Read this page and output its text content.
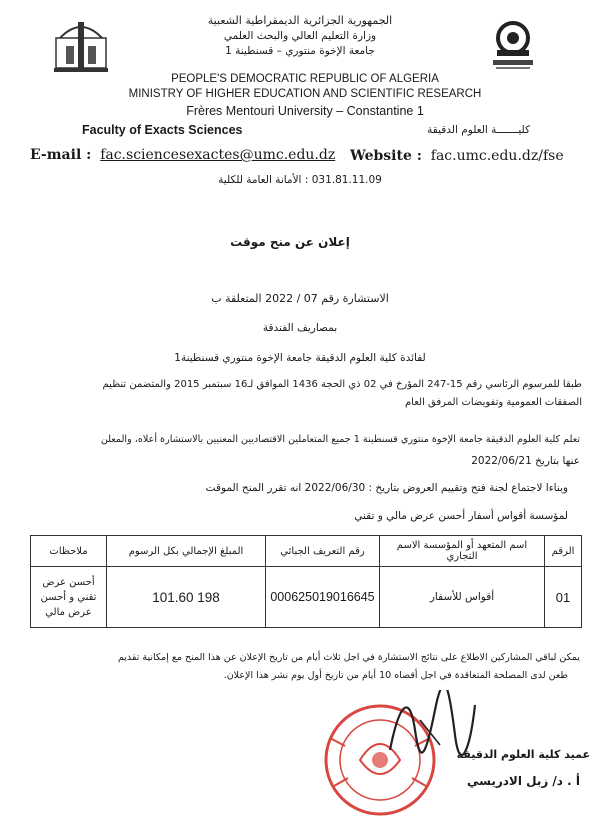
الجمهورية الجزائرية الديمقراطية الشعبية
وزارة التعليم العالي والبحث العلمي
جامعة الإخوة منتوري – قسنطينة 1
PEOPLE'S DEMOCRATIC REPUBLIC OF ALGERIA
MINISTRY OF HIGHER EDUCATION AND SCIENTIFIC RESEARCH
Frères Mentouri University – Constantine 1
Faculty of Exacts Sciences	كليـــــــة العلوم الدقيقة
E-mail : fac.sciencesexactes@umc.edu.dz Website : fac.umc.edu.dz/fse
031.81.11.09 : الأمانة العامة للكلية
إعلان عن منح موقت
الاستشارة رقم 07 / 2022 المتعلقة ب
بمصاريف الفندقة
لفائدة كلية العلوم الدقيقة جامعة الإخوة منتوري قسنطينة1
طبقا للمرسوم الرئاسي رقم 15-247 المؤرخ في 02 ذي الحجة 1436 الموافق لـ16 سبتمبر 2015 والمتضمن تنظيم
الصفقات العمومية وتفويضات المرفق العام
تعلم كلية العلوم الدقيقة جامعة الإخوة منتوري قسنطينة 1 جميع المتعاملين الاقتصاديين المعنيين بالاستشارة أعلاه، والمعلن
عنها بتاريخ 2022/06/21
وبناءا لاجتماع لجنة فتح وتقييم العروض بتاريخ : 2022/06/30 انه تقرر المنح الموقت
لمؤسسة أقواس أسفار أحسن عرض مالي و تقني
الرقم	اسم المتعهد أو المؤسسة الاسم التجاري	رقم التعريف الجبائي	المبلغ الإجمالي بكل الرسوم	ملاحظات
01	أقواس للأسفار	000625019016645	198 101.60	أحسن عرض تقني و أحسن عرض مالي
يمكن لباقي المشاركين الاطلاع على نتائج الاستشارة في اجل ثلاث أيام من تاريخ الإعلان عن هذا المنح مع إمكانية تقديم
طعن لدى المصلحة المتعاقدة في اجل أقصاه 10 أيام من تاريخ أول يوم نشر هذا الإعلان.
عميد كلية العلوم الدقيقة
أ . د/ زبل الادريسي
